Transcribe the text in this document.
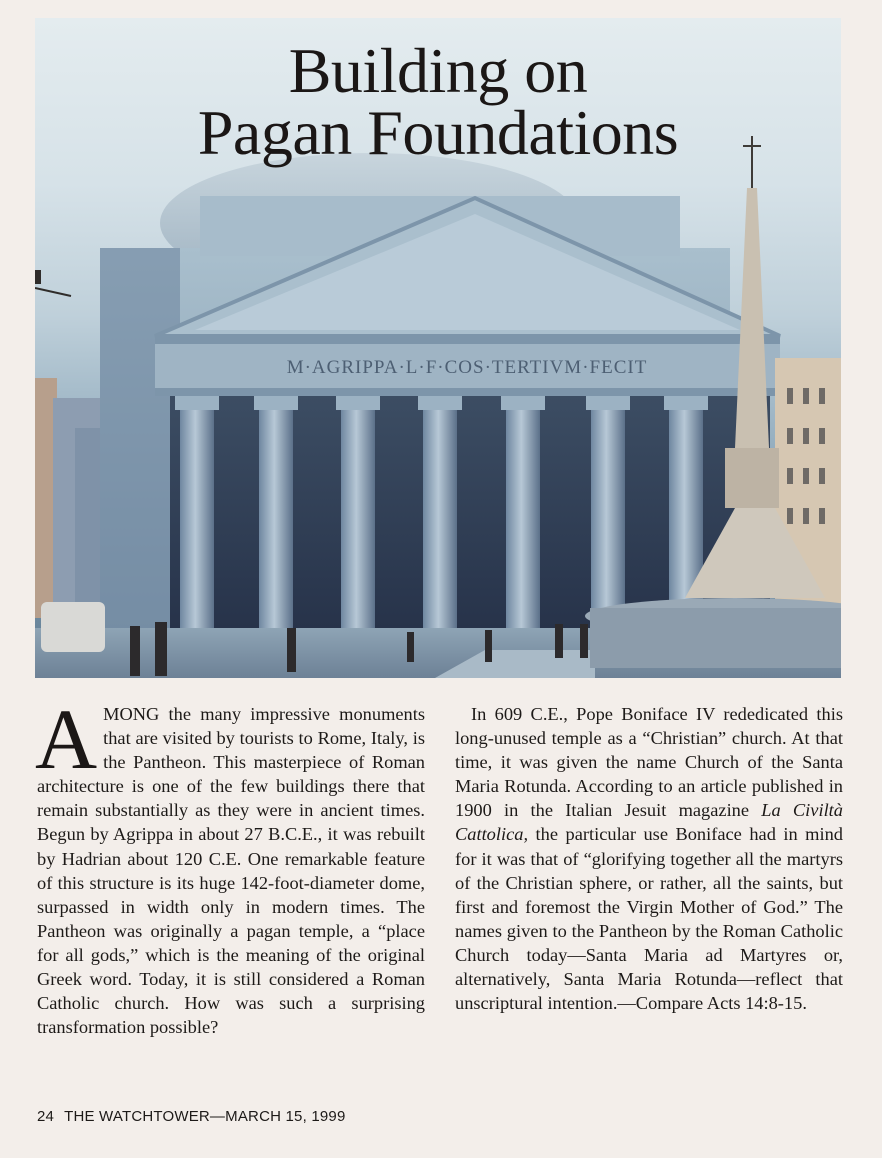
M·AGRIPPA·L·F·COS·TERTIVM·FECIT
Building on
Pagan Foundations

AMONG the many impressive monuments that are visited by tourists to Rome, Italy, is the Pantheon. This masterpiece of Roman architecture is one of the few buildings there that remain substantially as they were in ancient times. Begun by Agrippa in about 27 B.C.E., it was rebuilt by Hadrian about 120 C.E. One remarkable feature of this structure is its huge 142-foot-diameter dome, surpassed in width only in modern times. The Pantheon was originally a pagan temple, a “place for all gods,” which is the meaning of the original Greek word. Today, it is still considered a Roman Catholic church. How was such a surprising transformation possible?

In 609 C.E., Pope Boniface IV rededicated this long-unused temple as a “Christian” church. At that time, it was given the name Church of the Santa Maria Rotunda. According to an article published in 1900 in the Italian Jesuit magazine La Civiltà Cattolica, the particular use Boniface had in mind for it was that of “glorifying together all the martyrs of the Christian sphere, or rather, all the saints, but first and foremost the Virgin Mother of God.” The names given to the Pantheon by the Roman Catholic Church today—Santa Maria ad Martyres or, alternatively, Santa Maria Rotunda—reflect that unscriptural intention.—Compare Acts 14:8-15.

24 THE WATCHTOWER—MARCH 15, 1999
